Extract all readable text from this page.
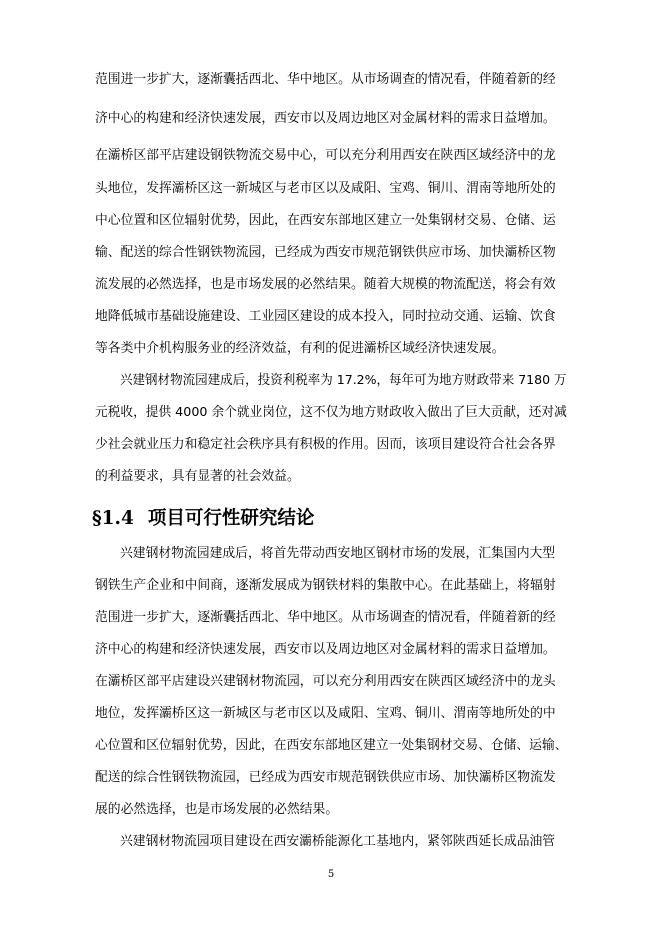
范围进一步扩大，逐渐囊括西北、华中地区。从市场调查的情况看，伴随着新的经
济中心的构建和经济快速发展，西安市以及周边地区对金属材料的需求日益增加。
在灞桥区部平店建设钢铁物流交易中心，可以充分利用西安在陕西区域经济中的龙
头地位，发挥灞桥区这一新城区与老市区以及咸阳、宝鸡、铜川、渭南等地所处的
中心位置和区位辐射优势，因此，在西安东部地区建立一处集钢材交易、仓储、运
输、配送的综合性钢铁物流园，已经成为西安市规范钢铁供应市场、加快灞桥区物
流发展的必然选择，也是市场发展的必然结果。随着大规模的物流配送，将会有效
地降低城市基础设施建设、工业园区建设的成本投入，同时拉动交通、运输、饮食
等各类中介机构服务业的经济效益，有利的促进灞桥区域经济快速发展。
兴建钢材物流园建成后，投资利税率为 17.2%，每年可为地方财政带来 7180 万
元税收，提供 4000 余个就业岗位，这不仅为地方财政收入做出了巨大贡献，还对减
少社会就业压力和稳定社会秩序具有积极的作用。因而，该项目建设符合社会各界
的利益要求，具有显著的社会效益。
§1.4 项目可行性研究结论
兴建钢材物流园建成后，将首先带动西安地区钢材市场的发展，汇集国内大型
钢铁生产企业和中间商，逐渐发展成为钢铁材料的集散中心。在此基础上，将辐射
范围进一步扩大，逐渐囊括西北、华中地区。从市场调查的情况看，伴随着新的经
济中心的构建和经济快速发展，西安市以及周边地区对金属材料的需求日益增加。
在灞桥区部平店建设兴建钢材物流园，可以充分利用西安在陕西区域经济中的龙头
地位，发挥灞桥区这一新城区与老市区以及咸阳、宝鸡、铜川、渭南等地所处的中
心位置和区位辐射优势，因此，在西安东部地区建立一处集钢材交易、仓储、运输、
配送的综合性钢铁物流园，已经成为西安市规范钢铁供应市场、加快灞桥区物流发
展的必然选择，也是市场发展的必然结果。
兴建钢材物流园项目建设在西安灞桥能源化工基地内，紧邻陕西延长成品油管
5
